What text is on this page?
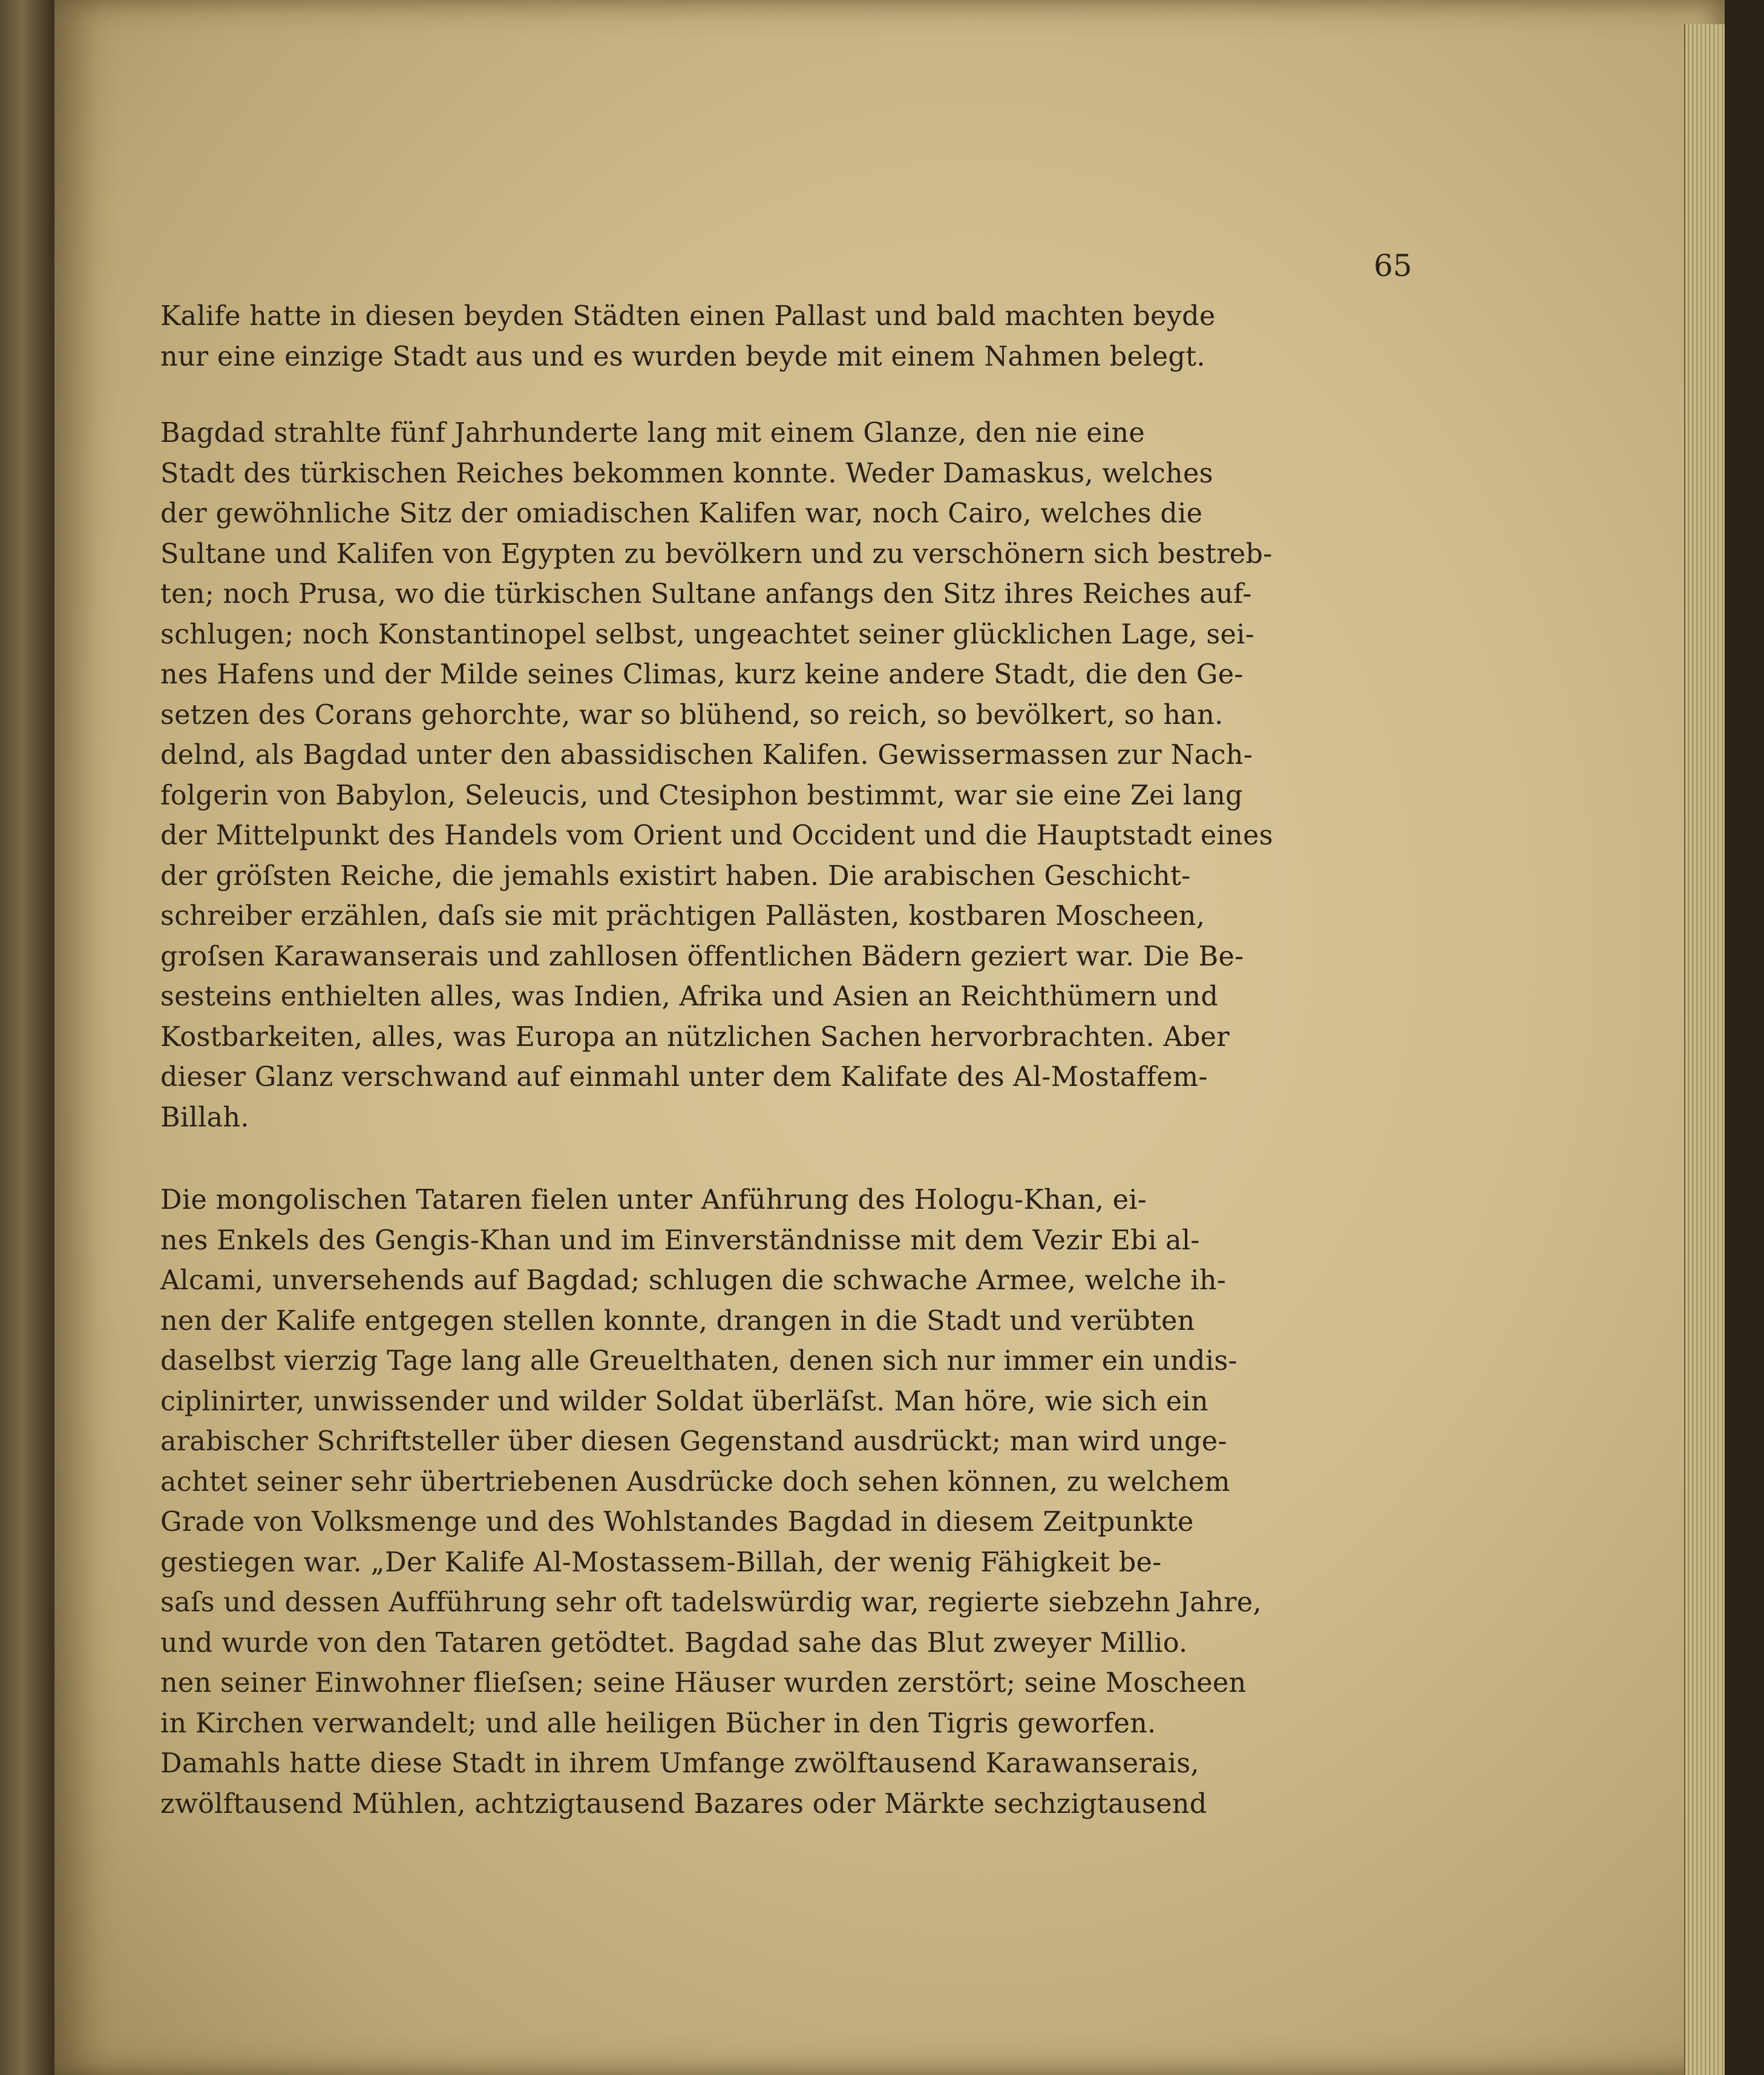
65

Kalife hatte in diesen beyden Städten einen Pallast und bald machten beyde
nur eine einzige Stadt aus und es wurden beyde mit einem Nahmen belegt.

Bagdad strahlte fünf Jahrhunderte lang mit einem Glanze, den nie eine
Stadt des türkischen Reiches bekommen konnte. Weder Damaskus, welches
der gewöhnliche Sitz der omiadischen Kalifen war, noch Cairo, welches die
Sultane und Kalifen von Egypten zu bevölkern und zu verschönern sich bestreb-
ten; noch Prusa, wo die türkischen Sultane anfangs den Sitz ihres Reiches auf-
schlugen; noch Konstantinopel selbst, ungeachtet seiner glücklichen Lage, sei-
nes Hafens und der Milde seines Climas, kurz keine andere Stadt, die den Ge-
setzen des Corans gehorchte, war so blühend, so reich, so bevölkert, so han.
delnd, als Bagdad unter den abassidischen Kalifen. Gewissermassen zur Nach-
folgerin von Babylon, Seleucis, und Ctesiphon bestimmt, war sie eine Zei lang
der Mittelpunkt des Handels vom Orient und Occident und die Hauptstadt eines
der gröſsten Reiche, die jemahls existirt haben. Die arabischen Geschicht-
schreiber erzählen, daſs sie mit prächtigen Pallästen, kostbaren Moscheen,
groſsen Karawanserais und zahllosen öffentlichen Bädern geziert war. Die Be-
sesteins enthielten alles, was Indien, Afrika und Asien an Reichthümern und
Kostbarkeiten, alles, was Europa an nützlichen Sachen hervorbrachten. Aber
dieser Glanz verschwand auf einmahl unter dem Kalifate des Al-Mostaffem-
Billah.

Die mongolischen Tataren fielen unter Anführung des Hologu-Khan, ei-
nes Enkels des Gengis-Khan und im Einverständnisse mit dem Vezir Ebi al-
Alcami, unversehends auf Bagdad; schlugen die schwache Armee, welche ih-
nen der Kalife entgegen stellen konnte, drangen in die Stadt und verübten
daselbst vierzig Tage lang alle Greuelthaten, denen sich nur immer ein undis-
ciplinirter, unwissender und wilder Soldat überläſst. Man höre, wie sich ein
arabischer Schriftsteller über diesen Gegenstand ausdrückt; man wird unge-
achtet seiner sehr übertriebenen Ausdrücke doch sehen können, zu welchem
Grade von Volksmenge und des Wohlstandes Bagdad in diesem Zeitpunkte
gestiegen war. „Der Kalife Al-Mostassem-Billah, der wenig Fähigkeit be-
saſs und dessen Aufführung sehr oft tadelswürdig war, regierte siebzehn Jahre,
und wurde von den Tataren getödtet. Bagdad sahe das Blut zweyer Millio.
nen seiner Einwohner flieſsen; seine Häuser wurden zerstört; seine Moscheen
in Kirchen verwandelt; und alle heiligen Bücher in den Tigris geworfen.
Damahls hatte diese Stadt in ihrem Umfange zwölftausend Karawanserais,
zwölftausend Mühlen, achtzigtausend Bazares oder Märkte sechzigtausend
